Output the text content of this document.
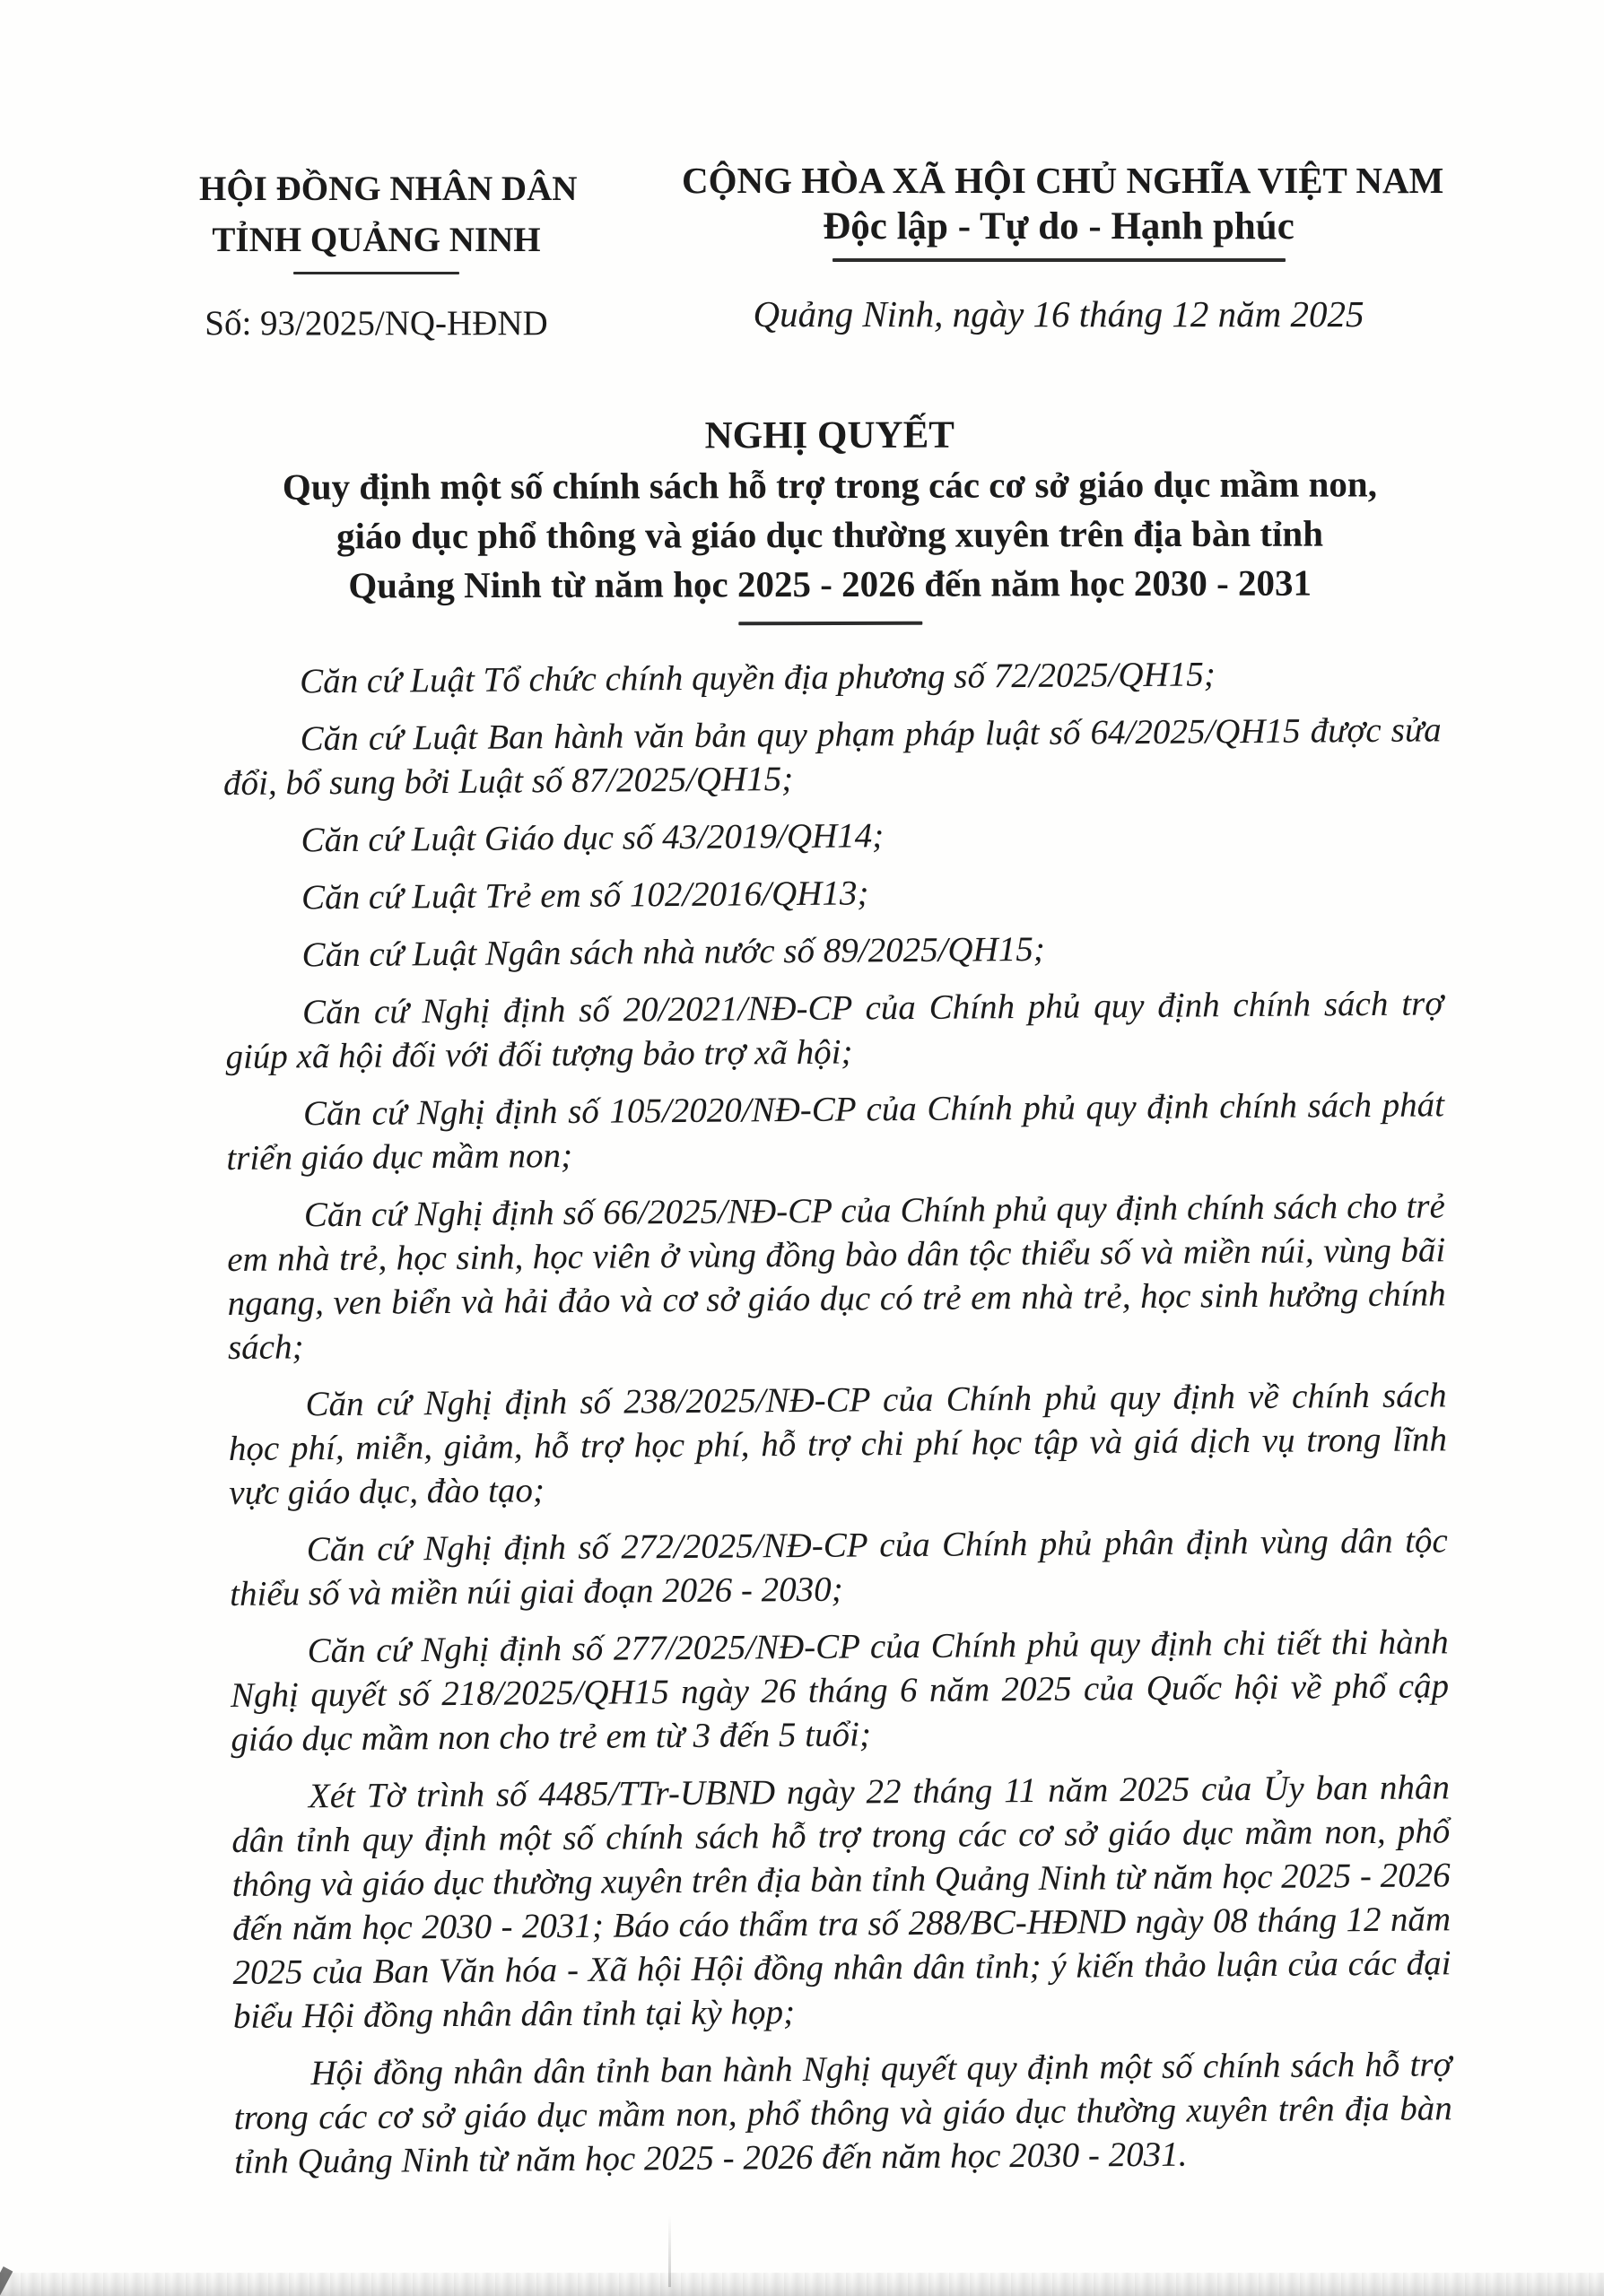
HỘI ĐỒNG NHÂN DÂN
TỈNH QUẢNG NINH
Số: 93/2025/NQ-HĐND
CỘNG HÒA XÃ HỘI CHỦ NGHĨA VIỆT NAM
Độc lập - Tự do - Hạnh phúc
Quảng Ninh, ngày 16 tháng 12 năm 2025
NGHỊ QUYẾT
Quy định một số chính sách hỗ trợ trong các cơ sở giáo dục mầm non,
giáo dục phổ thông và giáo dục thường xuyên trên địa bàn tỉnh
Quảng Ninh từ năm học 2025 - 2026 đến năm học 2030 - 2031

Căn cứ Luật Tổ chức chính quyền địa phương số 72/2025/QH15;

Căn cứ Luật Ban hành văn bản quy phạm pháp luật số 64/2025/QH15 được sửa đổi, bổ sung bởi Luật số 87/2025/QH15;

Căn cứ Luật Giáo dục số 43/2019/QH14;

Căn cứ Luật Trẻ em số 102/2016/QH13;

Căn cứ Luật Ngân sách nhà nước số 89/2025/QH15;

Căn cứ Nghị định số 20/2021/NĐ-CP của Chính phủ quy định chính sách trợ giúp xã hội đối với đối tượng bảo trợ xã hội;

Căn cứ Nghị định số 105/2020/NĐ-CP của Chính phủ quy định chính sách phát triển giáo dục mầm non;

Căn cứ Nghị định số 66/2025/NĐ-CP của Chính phủ quy định chính sách cho trẻ em nhà trẻ, học sinh, học viên ở vùng đồng bào dân tộc thiểu số và miền núi, vùng bãi ngang, ven biển và hải đảo và cơ sở giáo dục có trẻ em nhà trẻ, học sinh hưởng chính sách;

Căn cứ Nghị định số 238/2025/NĐ-CP của Chính phủ quy định về chính sách học phí, miễn, giảm, hỗ trợ học phí, hỗ trợ chi phí học tập và giá dịch vụ trong lĩnh vực giáo dục, đào tạo;

Căn cứ Nghị định số 272/2025/NĐ-CP của Chính phủ phân định vùng dân tộc thiểu số và miền núi giai đoạn 2026 - 2030;

Căn cứ Nghị định số 277/2025/NĐ-CP của Chính phủ quy định chi tiết thi hành Nghị quyết số 218/2025/QH15 ngày 26 tháng 6 năm 2025 của Quốc hội về phổ cập giáo dục mầm non cho trẻ em từ 3 đến 5 tuổi;

Xét Tờ trình số 4485/TTr-UBND ngày 22 tháng 11 năm 2025 của Ủy ban nhân dân tỉnh quy định một số chính sách hỗ trợ trong các cơ sở giáo dục mầm non, phổ thông và giáo dục thường xuyên trên địa bàn tỉnh Quảng Ninh từ năm học 2025 - 2026 đến năm học 2030 - 2031; Báo cáo thẩm tra số 288/BC-HĐND ngày 08 tháng 12 năm 2025 của Ban Văn hóa - Xã hội Hội đồng nhân dân tỉnh; ý kiến thảo luận của các đại biểu Hội đồng nhân dân tỉnh tại kỳ họp;

Hội đồng nhân dân tỉnh ban hành Nghị quyết quy định một số chính sách hỗ trợ trong các cơ sở giáo dục mầm non, phổ thông và giáo dục thường xuyên trên địa bàn tỉnh Quảng Ninh từ năm học 2025 - 2026 đến năm học 2030 - 2031.
